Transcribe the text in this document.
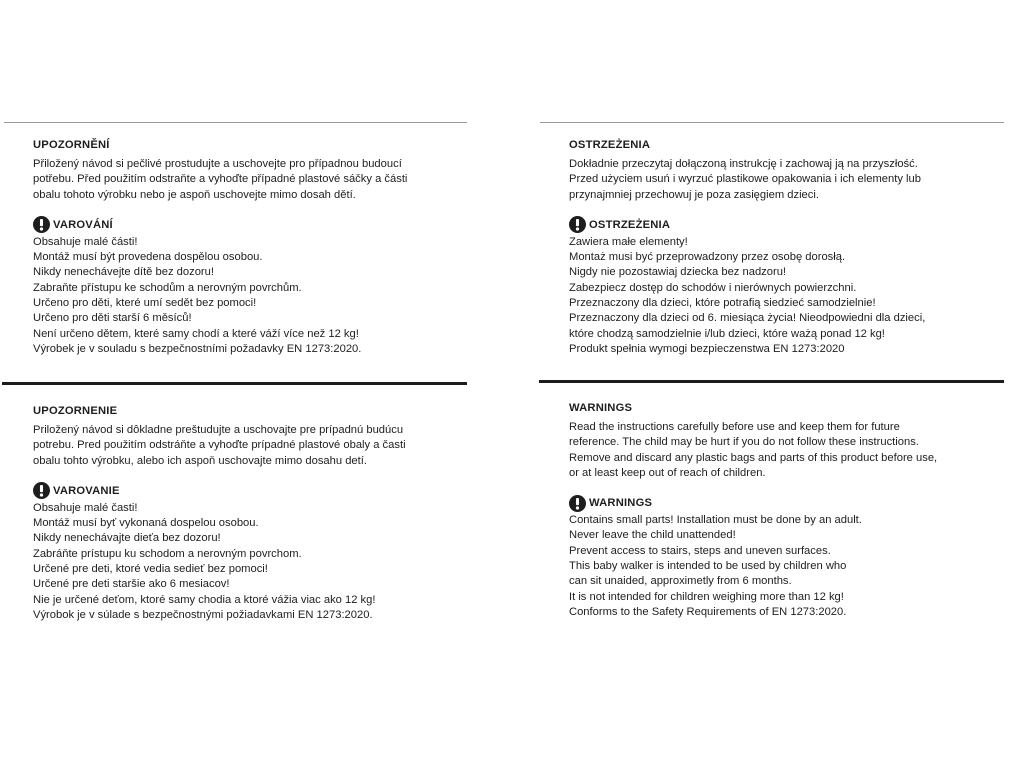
UPOZORNĚNÍ

Přiložený návod si pečlivé prostudujte a uschovejte pro případnou budoucí

potřebu. Před použitím odstraňte a vyhoďte případné plastové sáčky a části

obalu tohoto výrobku nebo je aspoň uschovejte mimo dosah dětí.

VAROVÁNÍ
Obsahuje malé části!
Montáž musí být provedena dospělou osobou.
Nikdy nenechávejte dítě bez dozoru!
Zabraňte přístupu ke schodům a nerovným povrchům.
Určeno pro děti, které umí sedět bez pomoci!
Určeno pro děti starší 6 měsíců!
Není určeno dětem, které samy chodí a které váží více než 12 kg!
Výrobek je v souladu s bezpečnostními požadavky EN 1273:2020.
OSTRZEŻENIA

Dokładnie przeczytaj dołączoną instrukcję i zachowaj ją na przyszłość.

Przed użyciem usuń i wyrzuć plastikowe opakowania i ich elementy lub

przynajmniej przechowuj je poza zasięgiem dzieci.

OSTRZEŻENIA
Zawiera małe elementy!
Montaż musi być przeprowadzony przez osobę dorosłą.
Nigdy nie pozostawiaj dziecka bez nadzoru!
Zabezpiecz dostęp do schodów i nierównych powierzchni.
Przeznaczony dla dzieci, które potrafią siedzieć samodzielnie!
Przeznaczony dla dzieci od 6. miesiąca życia! Nieodpowiedni dla dzieci,
które chodzą samodzielnie i/lub dzieci, które ważą ponad 12 kg!
Produkt spełnia wymogi bezpieczenstwa EN 1273:2020
UPOZORNENIE

Priložený návod si dôkladne preštudujte a uschovajte pre prípadnú budúcu

potrebu. Pred použitím odstráňte a vyhoďte prípadné plastové obaly a časti

obalu tohto výrobku, alebo ich aspoň uschovajte mimo dosahu detí.

VAROVANIE
Obsahuje malé časti!
Montáž musí byť vykonaná dospelou osobou.
Nikdy nenechávajte dieťa bez dozoru!
Zabráňte prístupu ku schodom a nerovným povrchom.
Určené pre deti, ktoré vedia sedieť bez pomoci!
Určené pre deti staršie ako 6 mesiacov!
Nie je určené deťom, ktoré samy chodia a ktoré vážia viac ako 12 kg!
Výrobok je v súlade s bezpečnostnými požiadavkami EN 1273:2020.
WARNINGS

Read the instructions carefully before use and keep them for future

reference. The child may be hurt if you do not follow these instructions.

Remove and discard any plastic bags and parts of this product before use,

or at least keep out of reach of children.

WARNINGS
Contains small parts! Installation must be done by an adult.
Never leave the child unattended!
Prevent access to stairs, steps and uneven surfaces.
This baby walker is intended to be used by children who
can sit unaided, approximetly from 6 months.
It is not intended for children weighing more than 12 kg!
Conforms to the Safety Requirements of EN 1273:2020.
